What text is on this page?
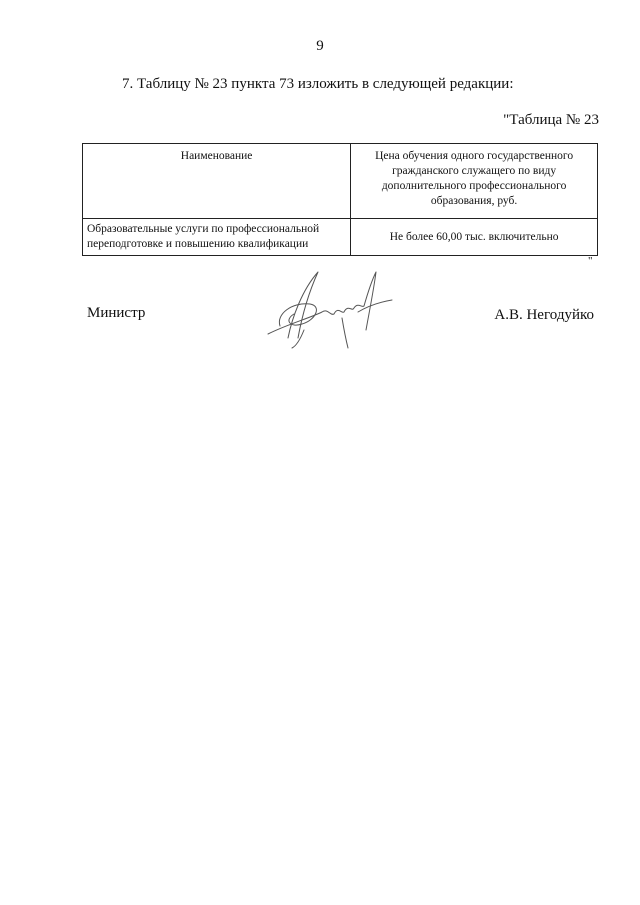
9
7. Таблицу № 23 пункта 73 изложить в следующей редакции:
"Таблица № 23
Наименование	Цена обучения одного государственного гражданского служащего по виду дополнительного профессионального образования, руб.
Образовательные услуги по профессиональной переподготовке и повышению квалификации	Не более 60,00 тыс. включительно
"
Министр	А.В. Негодуйко
